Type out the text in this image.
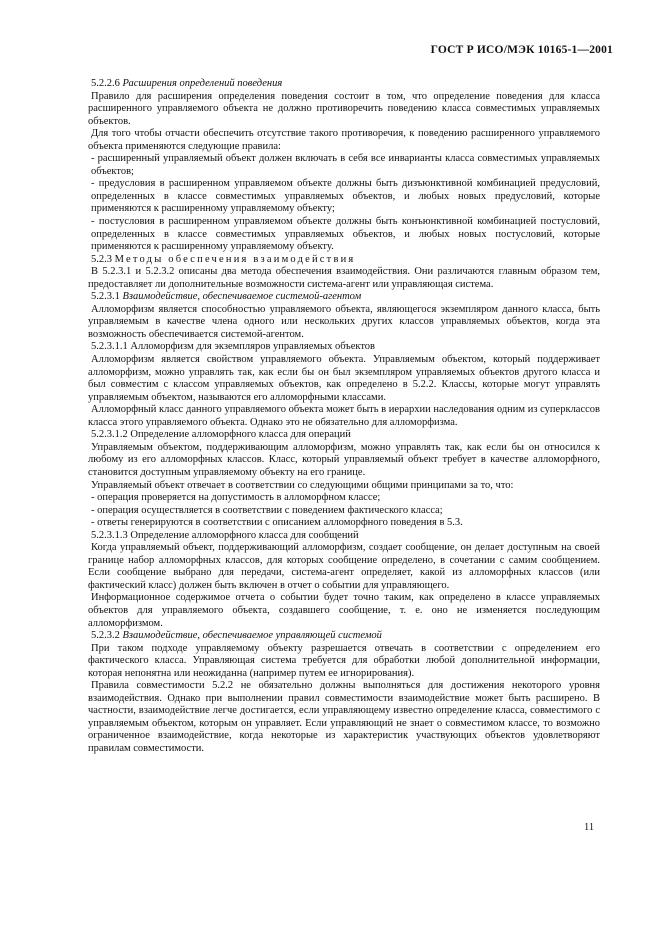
ГОСТ Р ИСО/МЭК 10165-1—2001
5.2.2.6 Расширения определений поведения

Правило для расширения определения поведения состоит в том, что определение поведения для класса расширенного управляемого объекта не должно противоречить поведению класса совместимых управляемых объектов.

Для того чтобы отчасти обеспечить отсутствие такого противоречия, к поведению расширенного управляемого объекта применяются следующие правила:

- расширенный управляемый объект должен включать в себя все инварианты класса совместимых управляемых объектов;

- предусловия в расширенном управляемом объекте должны быть дизъюнктивной комбинацией предусловий, определенных в классе совместимых управляемых объектов, и любых новых предусловий, которые применяются к расширенному управляемому объекту;

- постусловия в расширенном управляемом объекте должны быть конъюнктивной комбинацией постусловий, определенных в классе совместимых управляемых объектов, и любых новых постусловий, которые применяются к расширенному управляемому объекту.

5.2.3 Методы обеспечения взаимодействия

В 5.2.3.1 и 5.2.3.2 описаны два метода обеспечения взаимодействия. Они различаются главным образом тем, предоставляет ли дополнительные возможности система-агент или управляющая система.

5.2.3.1 Взаимодействие, обеспечиваемое системой-агентом

Алломорфизм является способностью управляемого объекта, являющегося экземпляром данного класса, быть управляемым в качестве члена одного или нескольких других классов управляемых объектов, когда эта возможность обеспечивается системой-агентом.

5.2.3.1.1 Алломорфизм для экземпляров управляемых объектов

Алломорфизм является свойством управляемого объекта. Управляемым объектом, который поддерживает алломорфизм, можно управлять так, как если бы он был экземпляром управляемых объектов другого класса и был совместим с классом управляемых объектов, как определено в 5.2.2. Классы, которые могут управлять управляемым объектом, называются его алломорфными классами.

Алломорфный класс данного управляемого объекта может быть в иерархии наследования одним из суперклассов класса этого управляемого объекта. Однако это не обязательно для алломорфизма.

5.2.3.1.2 Определение алломорфного класса для операций

Управляемым объектом, поддерживающим алломорфизм, можно управлять так, как если бы он относился к любому из его алломорфных классов. Класс, который управляемый объект требует в качестве алломорфного, становится доступным управляемому объекту на его границе.

Управляемый объект отвечает в соответствии со следующими общими принципами за то, что:

- операция проверяется на допустимость в алломорфном классе;

- операция осуществляется в соответствии с поведением фактического класса;

- ответы генерируются в соответствии с описанием алломорфного поведения в 5.3.

5.2.3.1.3 Определение алломорфного класса для сообщений

Когда управляемый объект, поддерживающий алломорфизм, создает сообщение, он делает доступным на своей границе набор алломорфных классов, для которых сообщение определено, в сочетании с самим сообщением. Если сообщение выбрано для передачи, система-агент определяет, какой из алломорфных классов (или фактический класс) должен быть включен в отчет о событии для управляющего.

Информационное содержимое отчета о событии будет точно таким, как определено в классе управляемых объектов для управляемого объекта, создавшего сообщение, т. е. оно не изменяется последующим алломорфизмом.

5.2.3.2 Взаимодействие, обеспечиваемое управляющей системой

При таком подходе управляемому объекту разрешается отвечать в соответствии с определением его фактического класса. Управляющая система требуется для обработки любой дополнительной информации, которая непонятна или неожиданна (например путем ее игнорирования).

Правила совместимости 5.2.2 не обязательно должны выполняться для достижения некоторого уровня взаимодействия. Однако при выполнении правил совместимости взаимодействие может быть расширено. В частности, взаимодействие легче достигается, если управляющему известно определение класса, совместимого с управляемым объектом, которым он управляет. Если управляющий не знает о совместимом классе, то возможно ограниченное взаимодействие, когда некоторые из характеристик участвующих объектов удовлетворяют правилам совместимости.

11
